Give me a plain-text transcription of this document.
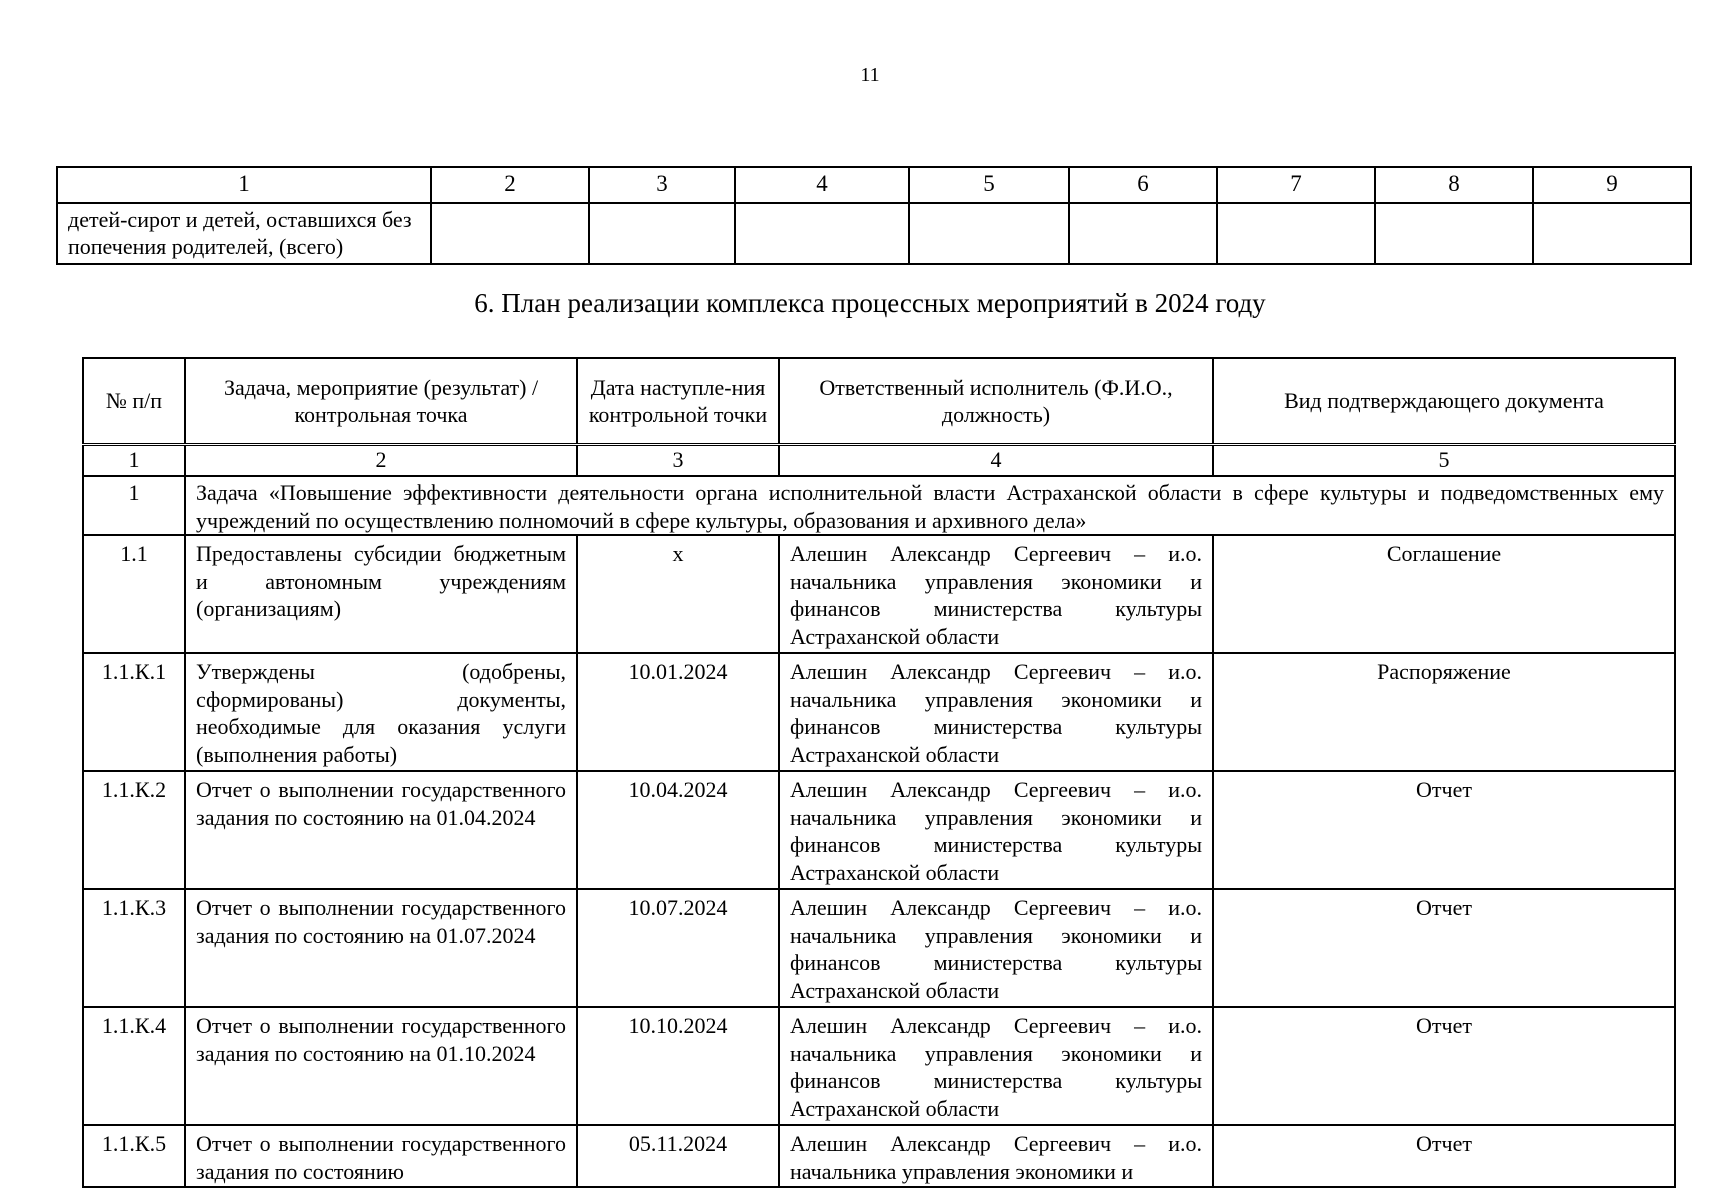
11
1	2	3	4	5	6	7	8	9
детей-сирот и детей, оставшихся без попечения родителей, (всего)								
6. План реализации комплекса процессных мероприятий в 2024 году
№ п/п	Задача, мероприятие (результат) / контрольная точка	Дата наступле-ния контрольной точки	Ответственный исполнитель (Ф.И.О., должность)	Вид подтверждающего документа
1	2	3	4	5
1	Задача «Повышение эффективности деятельности органа исполнительной власти Астраханской области в сфере культуры и подведомственных ему учреждений по осуществлению полномочий в сфере культуры, образования и архивного дела»			
1.1	Предоставлены субсидии бюджетным и автономным учреждениям (организациям)	х	Алешин Александр Сергеевич – и.о. начальника управления экономики и финансов министерства культуры Астраханской области	Соглашение
1.1.К.1	Утверждены (одобрены, сформированы) документы, необходимые для оказания услуги (выполнения работы)	10.01.2024	Алешин Александр Сергеевич – и.о. начальника управления экономики и финансов министерства культуры Астраханской области	Распоряжение
1.1.К.2	Отчет о выполнении государственного задания по состоянию на 01.04.2024	10.04.2024	Алешин Александр Сергеевич – и.о. начальника управления экономики и финансов министерства культуры Астраханской области	Отчет
1.1.К.3	Отчет о выполнении государственного задания по состоянию на 01.07.2024	10.07.2024	Алешин Александр Сергеевич – и.о. начальника управления экономики и финансов министерства культуры Астраханской области	Отчет
1.1.К.4	Отчет о выполнении государственного задания по состоянию на 01.10.2024	10.10.2024	Алешин Александр Сергеевич – и.о. начальника управления экономики и финансов министерства культуры Астраханской области	Отчет
1.1.К.5	Отчет о выполнении государственного задания по состоянию	05.11.2024	Алешин Александр Сергеевич – и.о. начальника управления экономики и	Отчет
